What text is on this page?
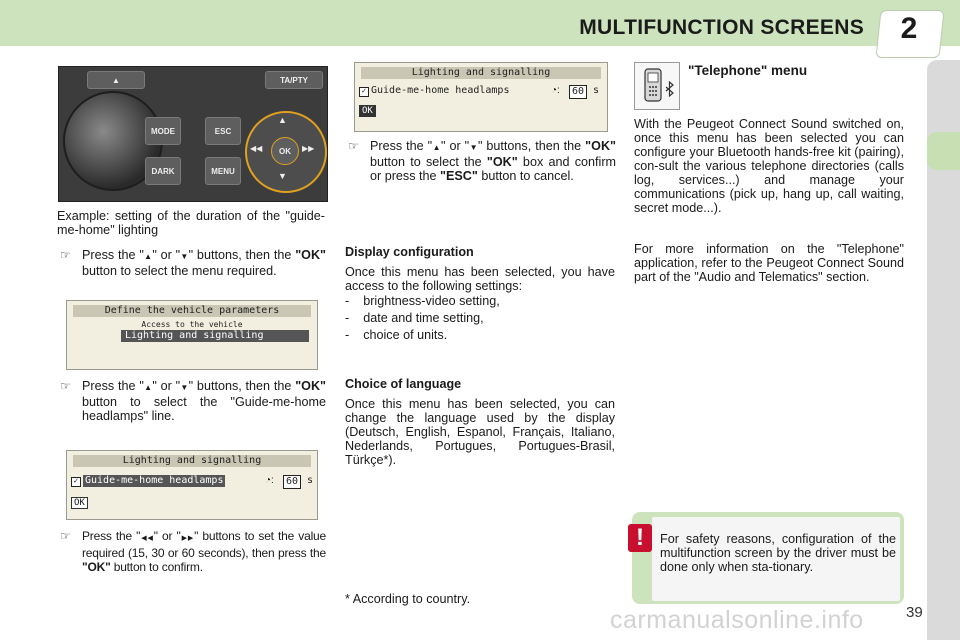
MULTIFUNCTION SCREENS	2
▲	TA/PTY
MODE
DARK
ESC
MENU
OK
▲
▼
◀◀	▶▶
Example: setting of the duration of the "guide-me-home" lighting
☞ Press the "▲" or "▼" buttons, then the "OK" button to select the menu required.
Define the vehicle parameters
Access to the vehicle
Lighting and signalling
☞ Press the "▲" or "▼" buttons, then the "OK" button to select the "Guide-me-home headlamps" line.
Lighting and signalling
✓ Guide-me-home headlamps	◔:	60 s
OK
☞ Press the "◀◀" or "▶▶" buttons to set the value required (15, 30 or 60 seconds), then press the "OK" button to confirm.
Lighting and signalling
✓ Guide-me-home headlamps	◔:	60 s
OK
☞ Press the "▲" or "▼" buttons, then the "OK" button to select the "OK" box and confirm or press the "ESC" button to cancel.
Display configuration
Once this menu has been selected, you have access to the following settings:
-    brightness-video setting,
-    date and time setting,
-    choice of units.
Choice of language
Once this menu has been selected, you can change the language used by the display (Deutsch, English, Espanol, Français, Italiano, Nederlands, Portugues, Portugues-Brasil, Türkçe*).
* According to country.
"Telephone" menu
With the Peugeot Connect Sound switched on, once this menu has been selected you can configure your Bluetooth hands-free kit (pairing), con-sult the various telephone directories (calls log, services...) and manage your communications (pick up, hang up, call waiting, secret mode...).
For more information on the "Telephone" application, refer to the Peugeot Connect Sound part of the "Audio and Telematics" section.
!	For safety reasons, configuration of the multifunction screen by the driver must be done only when sta-tionary.
carmanualsonline.info	39
